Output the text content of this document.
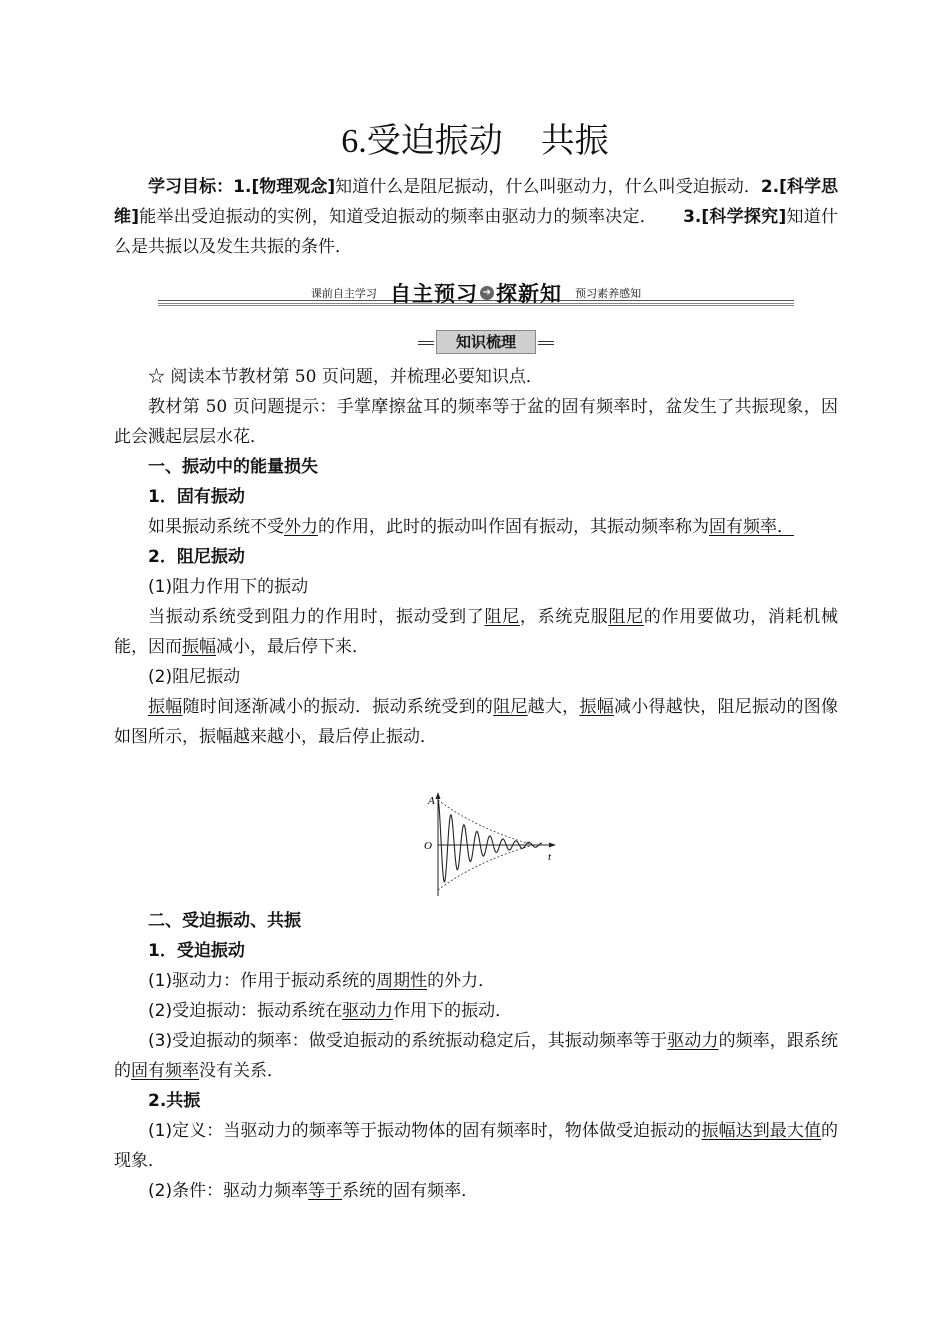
6.受迫振动 共振

学习目标：1.[物理观念]知道什么是阻尼振动，什么叫驱动力，什么叫受迫振动．2.[科学思维]能举出受迫振动的实例，知道受迫振动的频率由驱动力的频率决定． 3.[科学探究]知道什么是共振以及发生共振的条件．

课前自主学习 自主预习 ➜ 探新知 预习素养感知
知识梳理

☆ 阅读本节教材第 50 页问题，并梳理必要知识点．

教材第 50 页问题提示：手掌摩擦盆耳的频率等于盆的固有频率时，盆发生了共振现象，因此会溅起层层水花．

一、振动中的能量损失

1．固有振动

如果振动系统不受外力的作用，此时的振动叫作固有振动，其振动频率称为固有频率．

2．阻尼振动

(1)阻力作用下的振动

当振动系统受到阻力的作用时，振动受到了阻尼，系统克服阻尼的作用要做功，消耗机械能，因而振幅减小，最后停下来．

(2)阻尼振动

振幅随时间逐渐减小的振动．振动系统受到的阻尼越大，振幅减小得越快，阻尼振动的图像如图所示，振幅越来越小，最后停止振动．

A
O
t

二、受迫振动、共振

1．受迫振动

(1)驱动力：作用于振动系统的周期性的外力．

(2)受迫振动：振动系统在驱动力作用下的振动．

(3)受迫振动的频率：做受迫振动的系统振动稳定后，其振动频率等于驱动力的频率，跟系统的固有频率没有关系．

2.共振

(1)定义：当驱动力的频率等于振动物体的固有频率时，物体做受迫振动的振幅达到最大值的现象．

(2)条件：驱动力频率等于系统的固有频率．
